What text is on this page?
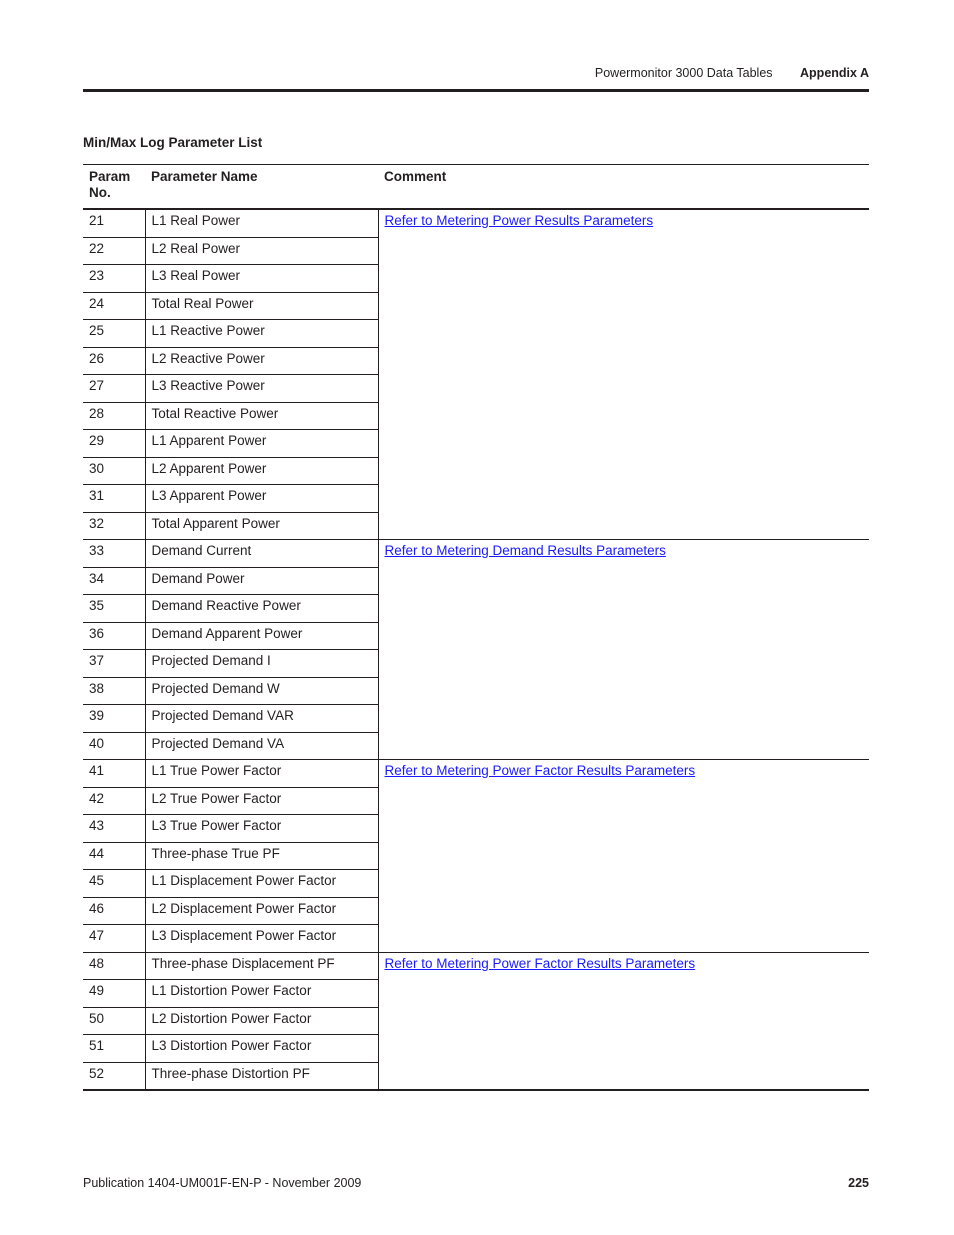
Powermonitor 3000 Data Tables Appendix A
Min/Max Log Parameter List
Param No.	Parameter Name	Comment
21	L1 Real Power	Refer to Metering Power Results Parameters
22	L2 Real Power	
23	L3 Real Power	
24	Total Real Power	
25	L1 Reactive Power	
26	L2 Reactive Power	
27	L3 Reactive Power	
28	Total Reactive Power	
29	L1 Apparent Power	
30	L2 Apparent Power	
31	L3 Apparent Power	
32	Total Apparent Power	
33	Demand Current	Refer to Metering Demand Results Parameters
34	Demand Power	
35	Demand Reactive Power	
36	Demand Apparent Power	
37	Projected Demand I	
38	Projected Demand W	
39	Projected Demand VAR	
40	Projected Demand VA	
41	L1 True Power Factor	Refer to Metering Power Factor Results Parameters
42	L2 True Power Factor	
43	L3 True Power Factor	
44	Three-phase True PF	
45	L1 Displacement Power Factor	
46	L2 Displacement Power Factor	
47	L3 Displacement Power Factor	
48	Three-phase Displacement PF	Refer to Metering Power Factor Results Parameters
49	L1 Distortion Power Factor	
50	L2 Distortion Power Factor	
51	L3 Distortion Power Factor	
52	Three-phase Distortion PF	
Publication 1404-UM001F-EN-P - November 2009	225
